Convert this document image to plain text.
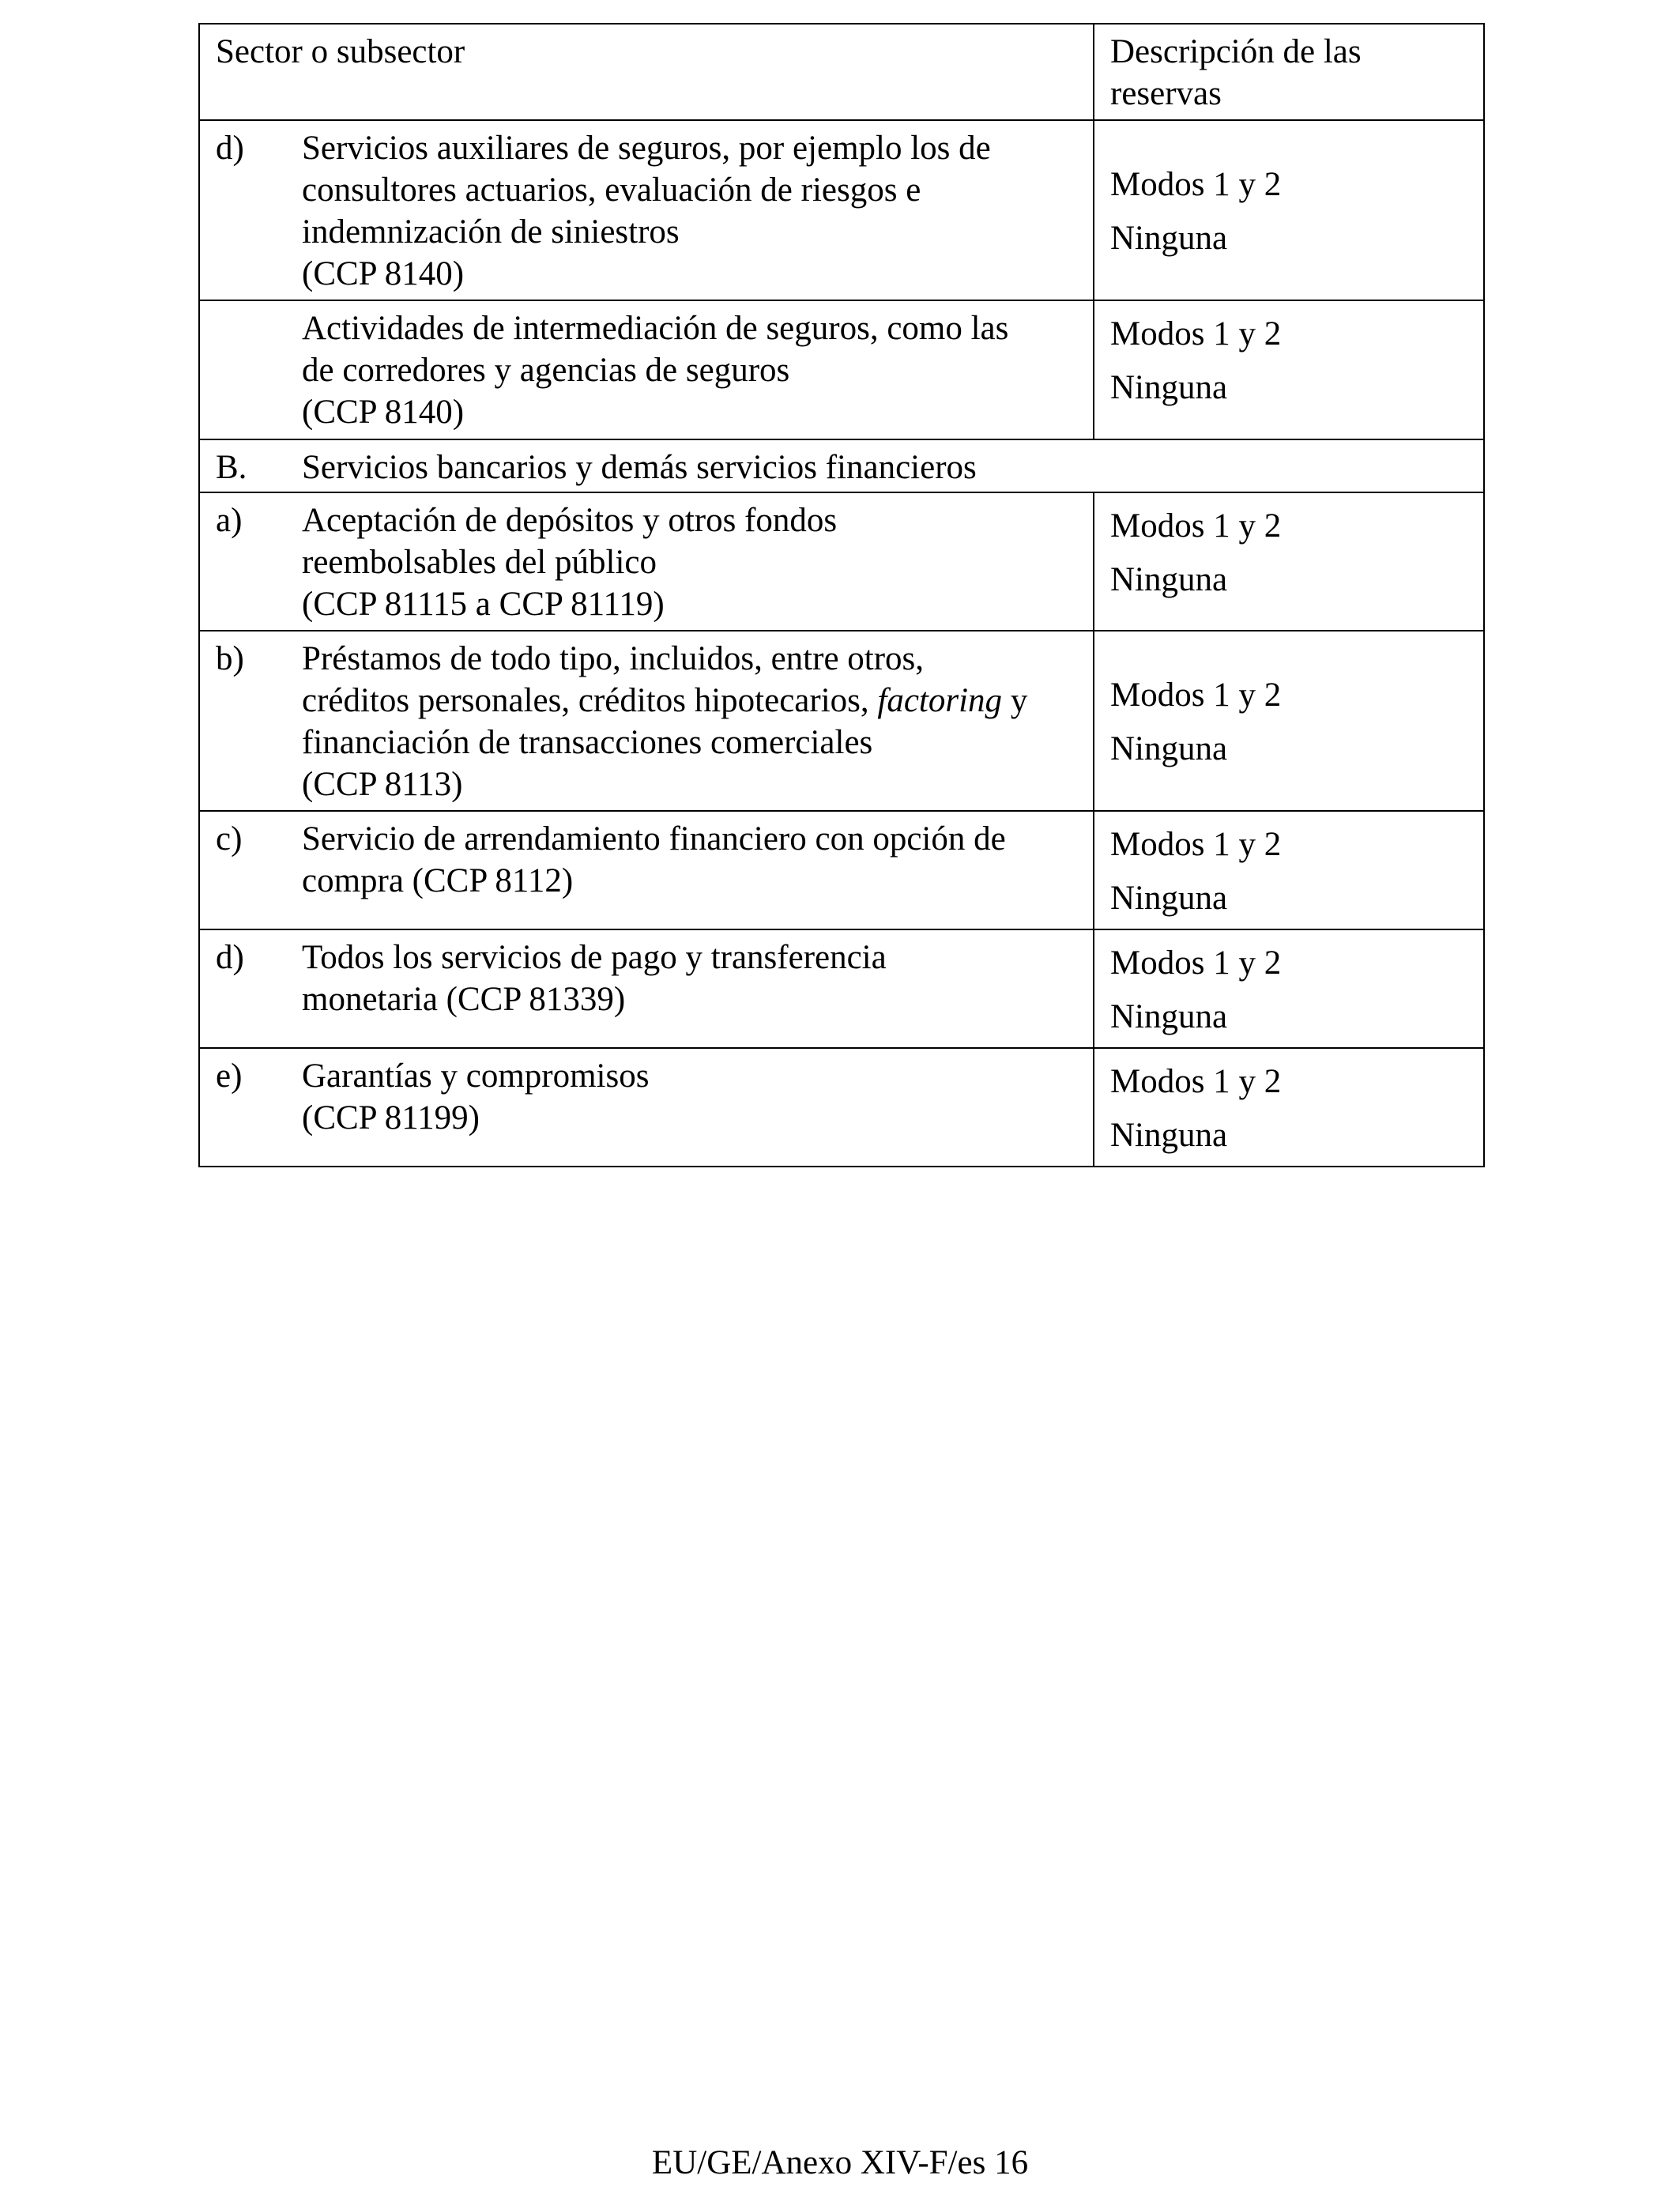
Sector o subsector	Descripción de las
reservas

d) Servicios auxiliares de seguros, por ejemplo los de
consultores actuarios, evaluación de riesgos e
indemnización de siniestros
(CCP 8140)	Modos 1 y 2
Ninguna

Actividades de intermediación de seguros, como las
de corredores y agencias de seguros
(CCP 8140)	Modos 1 y 2
Ninguna

B. Servicios bancarios y demás servicios financieros	

a) Aceptación de depósitos y otros fondos
reembolsables del público
(CCP 81115 a CCP 81119)	Modos 1 y 2
Ninguna

b) Préstamos de todo tipo, incluidos, entre otros,
créditos personales, créditos hipotecarios, factoring y
financiación de transacciones comerciales
(CCP 8113)	Modos 1 y 2
Ninguna

c) Servicio de arrendamiento financiero con opción de
compra (CCP 8112)	Modos 1 y 2
Ninguna

d) Todos los servicios de pago y transferencia
monetaria (CCP 81339)	Modos 1 y 2
Ninguna

e) Garantías y compromisos
(CCP 81199)	Modos 1 y 2
Ninguna
EU/GE/Anexo XIV-F/es 16
